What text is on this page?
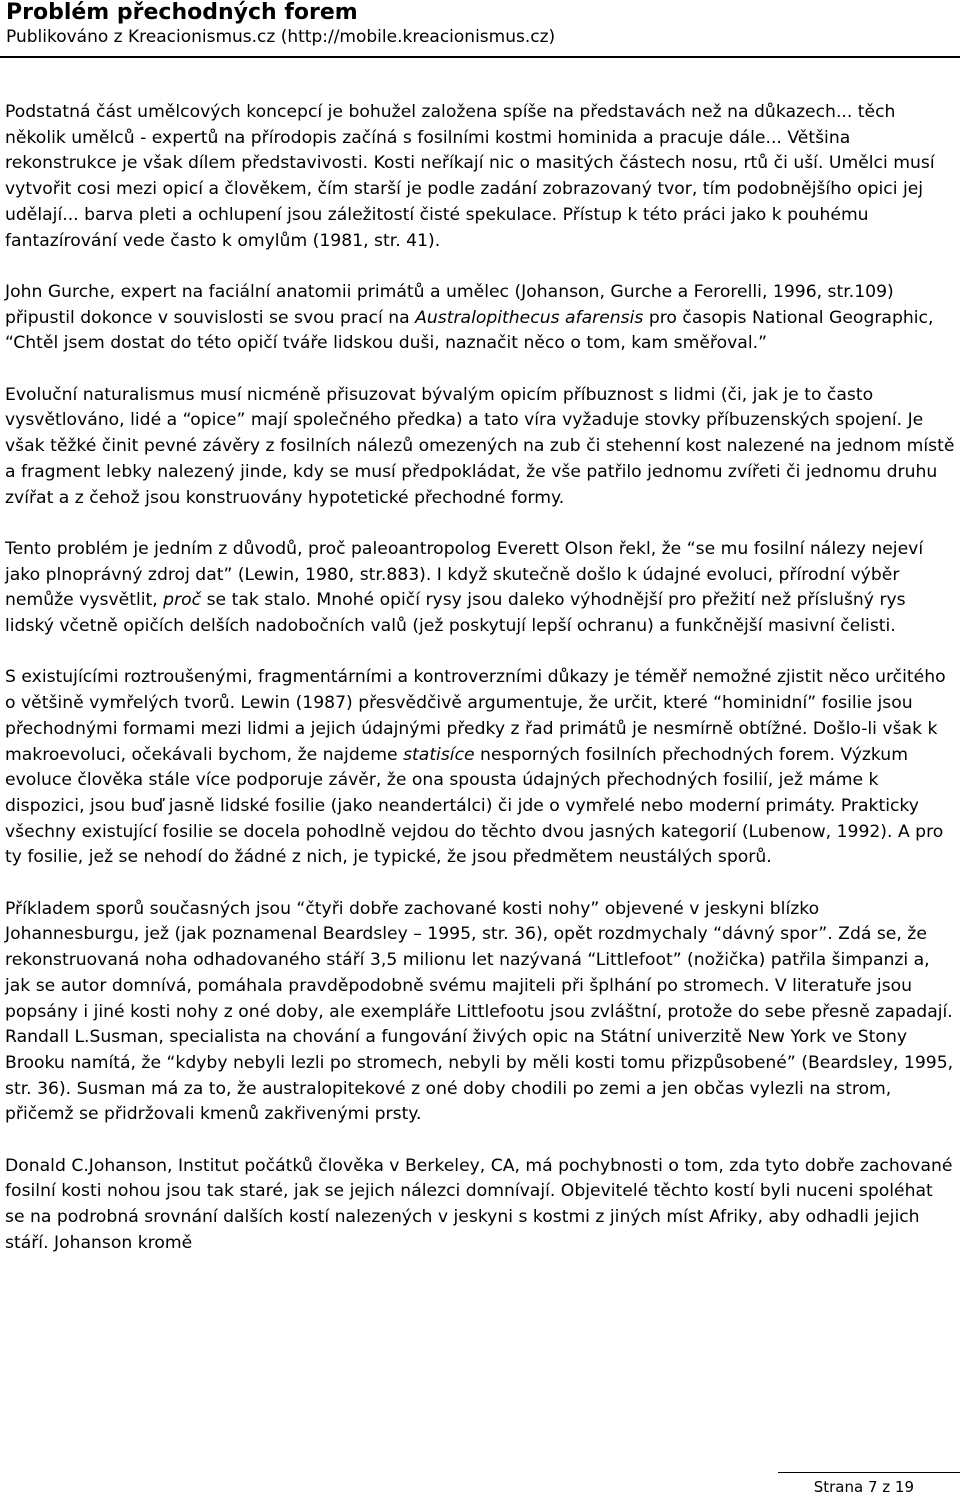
Problém přechodných forem
Publikováno z Kreacionismus.cz (http://mobile.kreacionismus.cz)

Podstatná část umělcových koncepcí je bohužel založena spíše na představách než na důkazech... těch několik umělců - expertů na přírodopis začíná s fosilními kostmi hominida a pracuje dále... Většina rekonstrukce je však dílem představivosti. Kosti neříkají nic o masitých částech nosu, rtů či uší. Umělci musí vytvořit cosi mezi opicí a člověkem, čím starší je podle zadání zobrazovaný tvor, tím podobnějšího opici jej udělají... barva pleti a ochlupení jsou záležitostí čisté spekulace. Přístup k této práci jako k pouhému fantazírování vede často k omylům (1981, str. 41).

John Gurche, expert na faciální anatomii primátů a umělec (Johanson, Gurche a Ferorelli, 1996, str.109) připustil dokonce v souvislosti se svou prací na Australopithecus afarensis pro časopis National Geographic, “Chtěl jsem dostat do této opičí tváře lidskou duši, naznačit něco o tom, kam směřoval.”

Evoluční naturalismus musí nicméně přisuzovat bývalým opicím příbuznost s lidmi (či, jak je to často vysvětlováno, lidé a “opice” mají společného předka) a tato víra vyžaduje stovky příbuzenských spojení. Je však těžké činit pevné závěry z fosilních nálezů omezených na zub či stehenní kost nalezené na jednom místě a fragment lebky nalezený jinde, kdy se musí předpokládat, že vše patřilo jednomu zvířeti či jednomu druhu zvířat a z čehož jsou konstruovány hypotetické přechodné formy.

Tento problém je jedním z důvodů, proč paleoantropolog Everett Olson řekl, že “se mu fosilní nálezy nejeví jako plnoprávný zdroj dat” (Lewin, 1980, str.883). I když skutečně došlo k údajné evoluci, přírodní výběr nemůže vysvětlit, proč se tak stalo. Mnohé opičí rysy jsou daleko výhodnější pro přežití než příslušný rys lidský včetně opičích delších nadobočních valů (jež poskytují lepší ochranu) a funkčnější masivní čelisti.

S existujícími roztroušenými, fragmentárními a kontroverzními důkazy je téměř nemožné zjistit něco určitého o většině vymřelých tvorů. Lewin (1987) přesvědčivě argumentuje, že určit, které “hominidní” fosilie jsou přechodnými formami mezi lidmi a jejich údajnými předky z řad primátů je nesmírně obtížné. Došlo-li však k makroevoluci, očekávali bychom, že najdeme statisíce nesporných fosilních přechodných forem. Výzkum evoluce člověka stále více podporuje závěr, že ona spousta údajných přechodných fosilií, jež máme k dispozici, jsou buď jasně lidské fosilie (jako neandertálci) či jde o vymřelé nebo moderní primáty. Prakticky všechny existující fosilie se docela pohodlně vejdou do těchto dvou jasných kategorií (Lubenow, 1992). A pro ty fosilie, jež se nehodí do žádné z nich, je typické, že jsou předmětem neustálých sporů.

Příkladem sporů současných jsou “čtyři dobře zachované kosti nohy” objevené v jeskyni blízko Johannesburgu, jež (jak poznamenal Beardsley – 1995, str. 36), opět rozdmychaly “dávný spor”. Zdá se, že rekonstruovaná noha odhadovaného stáří 3,5 milionu let nazývaná “Littlefoot” (nožička) patřila šimpanzi a, jak se autor domnívá, pomáhala pravděpodobně svému majiteli při šplhání po stromech. V literatuře jsou popsány i jiné kosti nohy z oné doby, ale exempláře Littlefootu jsou zvláštní, protože do sebe přesně zapadají. Randall L.Susman, specialista na chování a fungování živých opic na Státní univerzitě New York ve Stony Brooku namítá, že “kdyby nebyli lezli po stromech, nebyli by měli kosti tomu přizpůsobené” (Beardsley, 1995, str. 36). Susman má za to, že australopitekové z oné doby chodili po zemi a jen občas vylezli na strom, přičemž se přidržovali kmenů zakřivenými prsty.

Donald C.Johanson, Institut počátků člověka v Berkeley, CA, má pochybnosti o tom, zda tyto dobře zachované fosilní kosti nohou jsou tak staré, jak se jejich nálezci domnívají. Objevitelé těchto kostí byli nuceni spoléhat se na podrobná srovnání dalších kostí nalezených v jeskyni s kostmi z jiných míst Afriky, aby odhadli jejich stáří. Johanson kromě

Strana 7 z 19
